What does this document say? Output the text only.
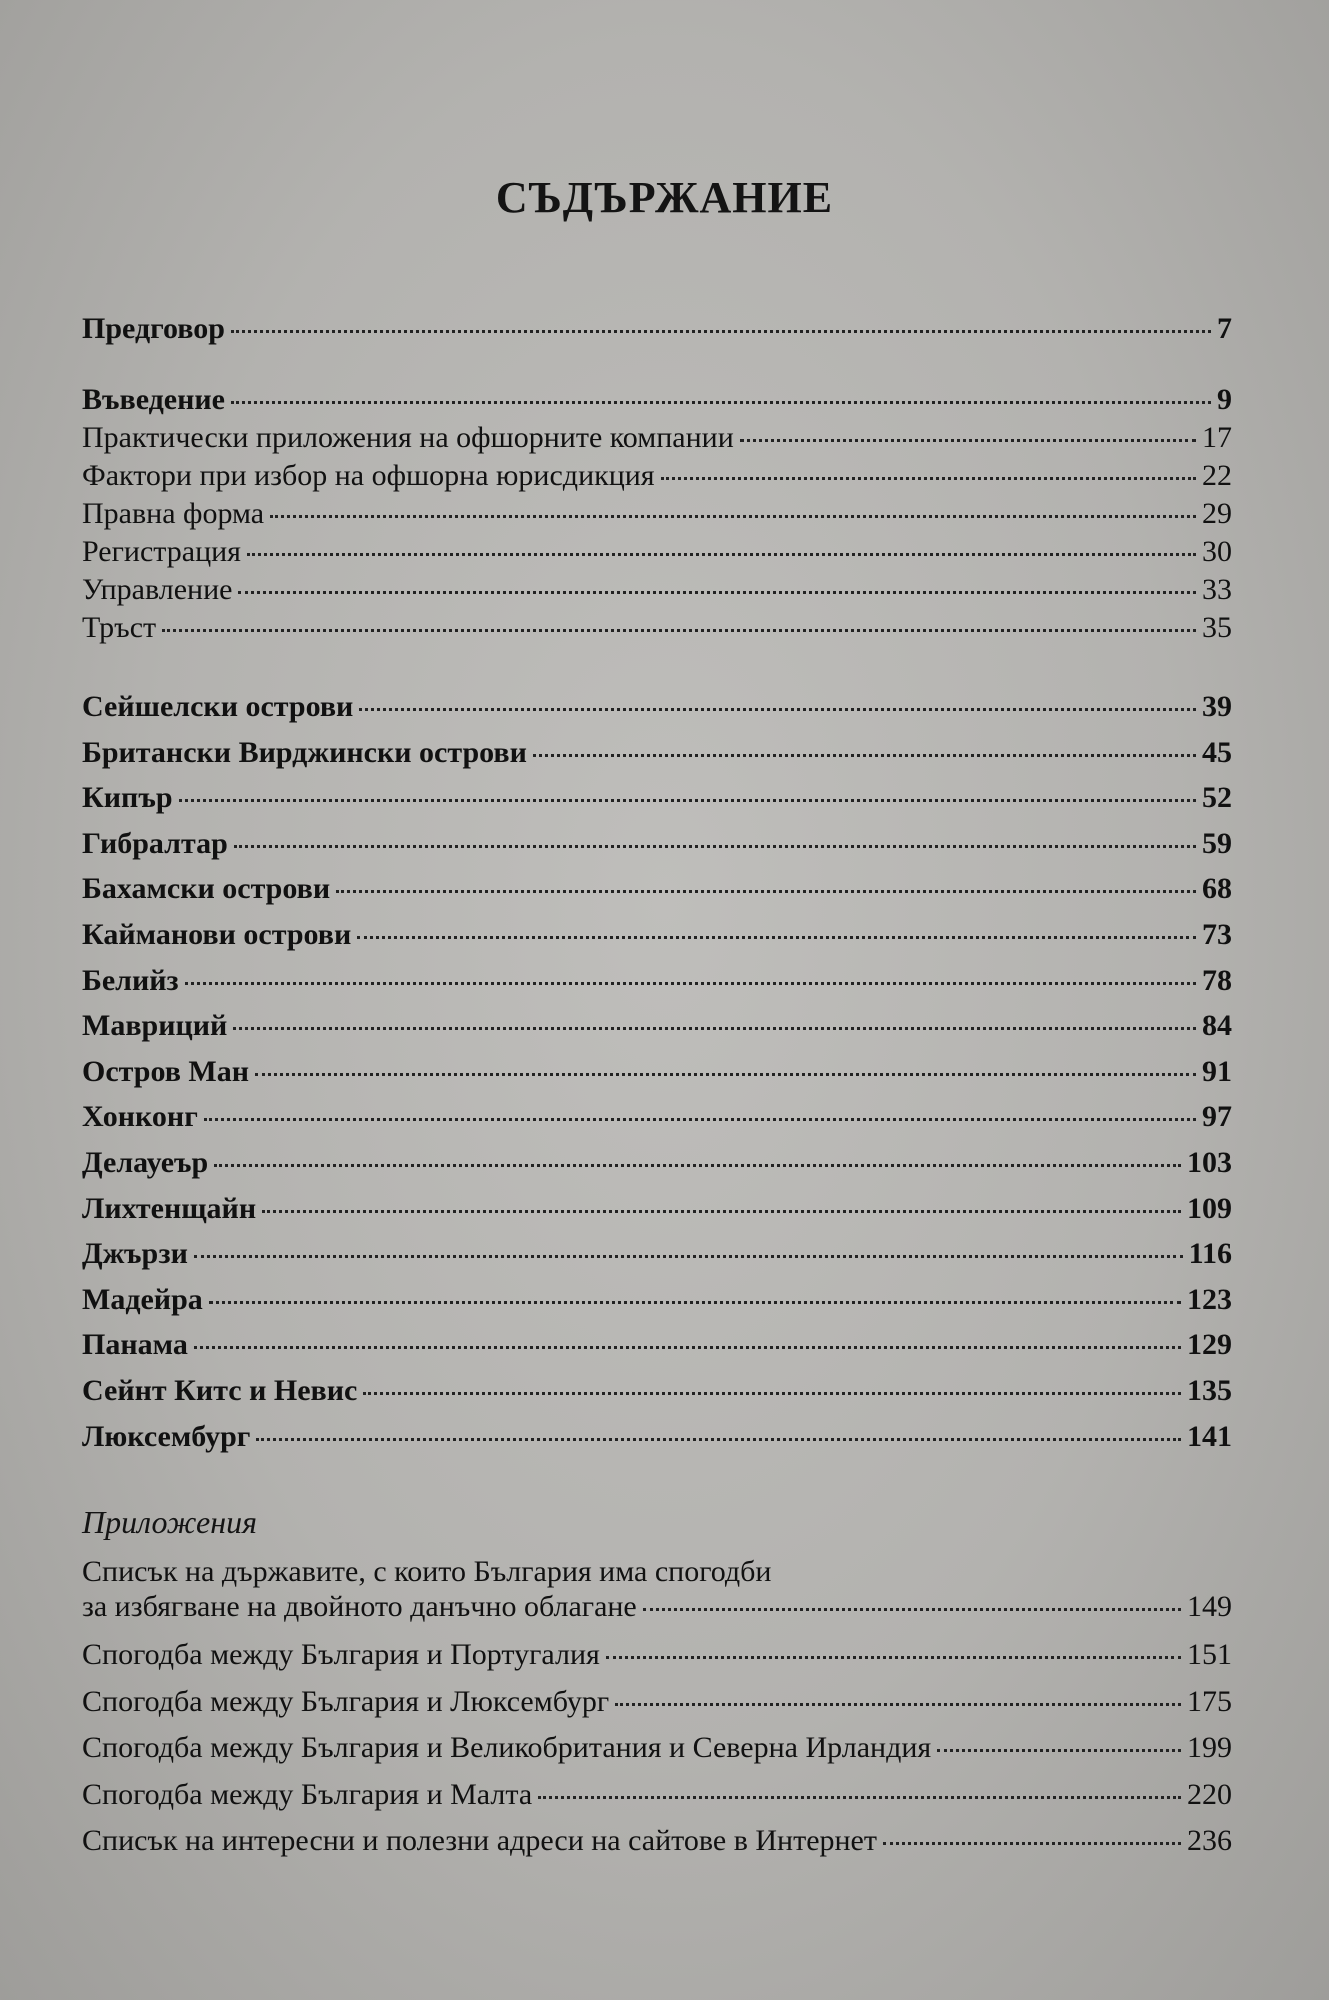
СЪДЪРЖАНИЕ
Предговор	7
Въведение	9
Практически приложения на офшорните компании	17
Фактори при избор на офшорна юрисдикция	22
Правна форма	29
Регистрация	30
Управление	33
Тръст	35
Сейшелски острови	39
Британски Вирджински острови	45
Кипър	52
Гибралтар	59
Бахамски острови	68
Кайманови острови	73
Белийз	78
Мавриций	84
Остров Ман	91
Хонконг	97
Делауеър	103
Лихтенщайн	109
Джързи	116
Мадейра	123
Панама	129
Сейнт Китс и Невис	135
Люксембург	141
Списък на държавите, с които България има спогодби
за избягване на двойното данъчно облагане	149
Спогодба между България и Португалия	151
Спогодба между България и Люксембург	175
Спогодба между България и Великобритания и Северна Ирландия	199
Спогодба между България и Малта	220
Списък на интересни и полезни адреси на сайтове в Интернет	236
Приложения
